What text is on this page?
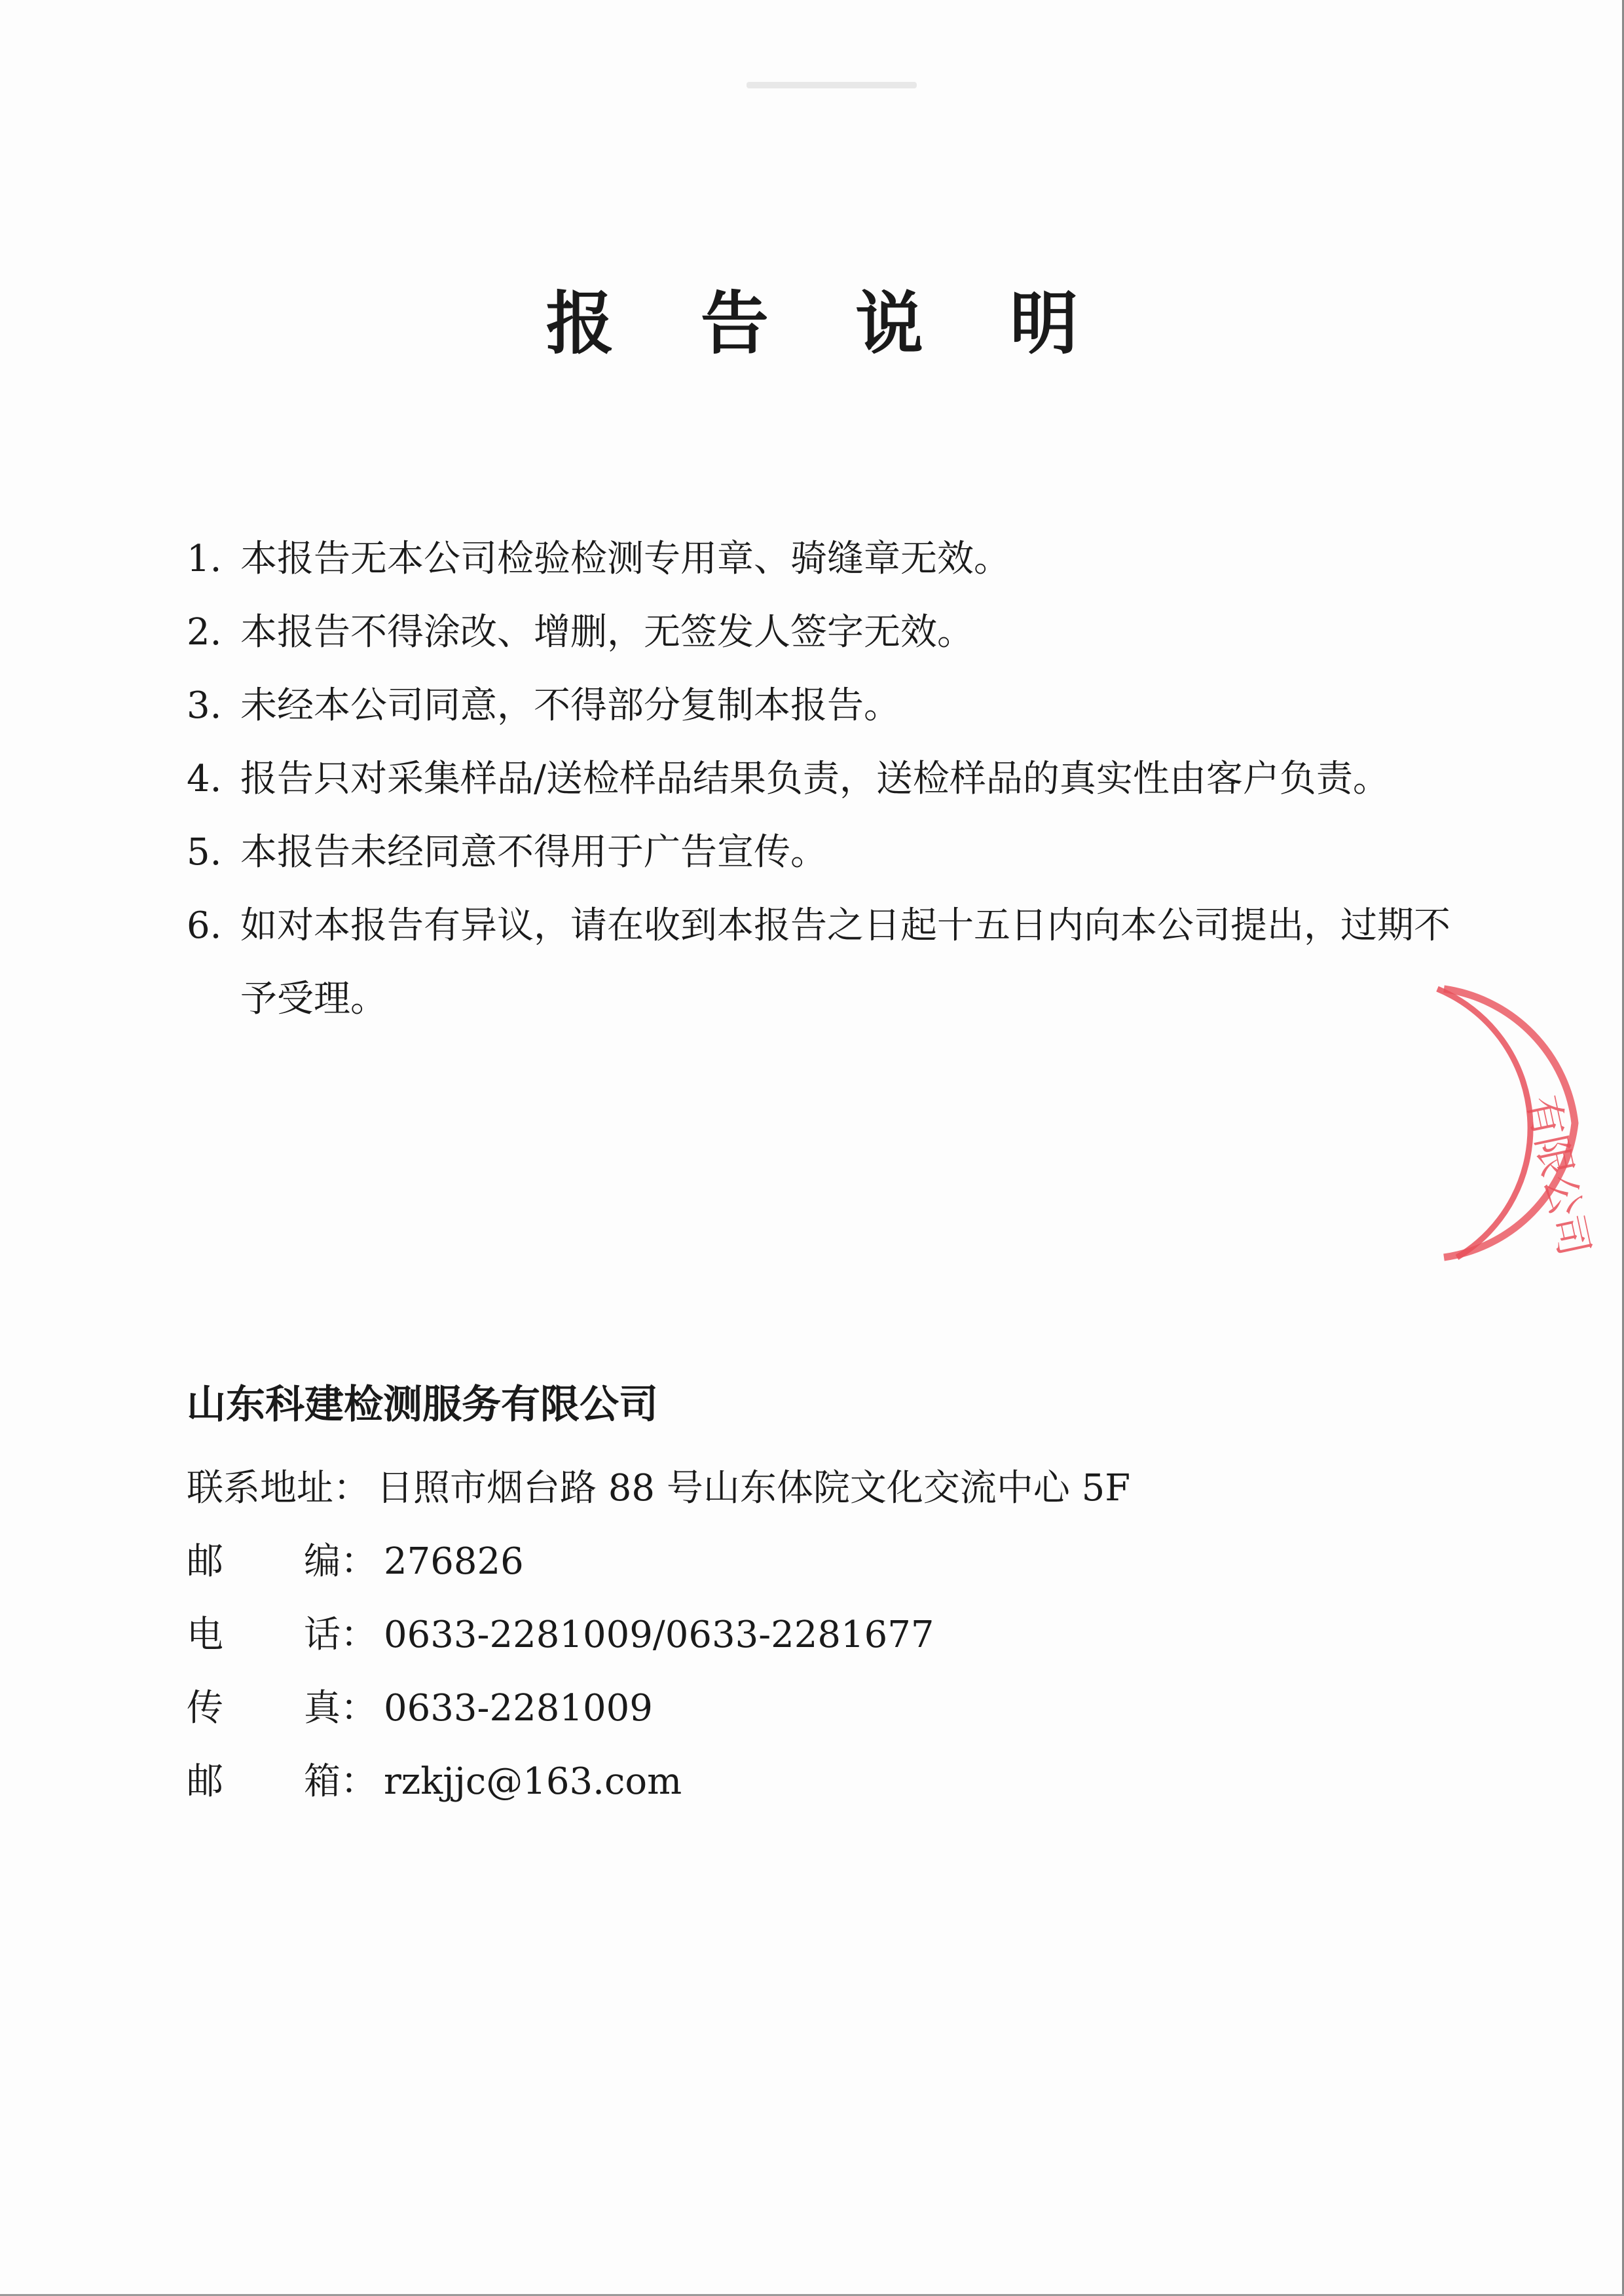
报 告 说 明
1. 本报告无本公司检验检测专用章、骑缝章无效。
2. 本报告不得涂改、增删，无签发人签字无效。
3. 未经本公司同意，不得部分复制本报告。
4. 报告只对采集样品/送检样品结果负责，送检样品的真实性由客户负责。
5. 本报告未经同意不得用于广告宣传。
6. 如对本报告有异议，请在收到本报告之日起十五日内向本公司提出，过期不
予受理。
有限公司
山东科建检测服务有限公司
联系地址 ： 日照市烟台路 88 号山东体院文化交流中心 5F
邮 编 ： 276826
电 话 ： 0633-2281009/0633-2281677
传 真 ： 0633-2281009
邮 箱 ： rzkjjc@163.com
